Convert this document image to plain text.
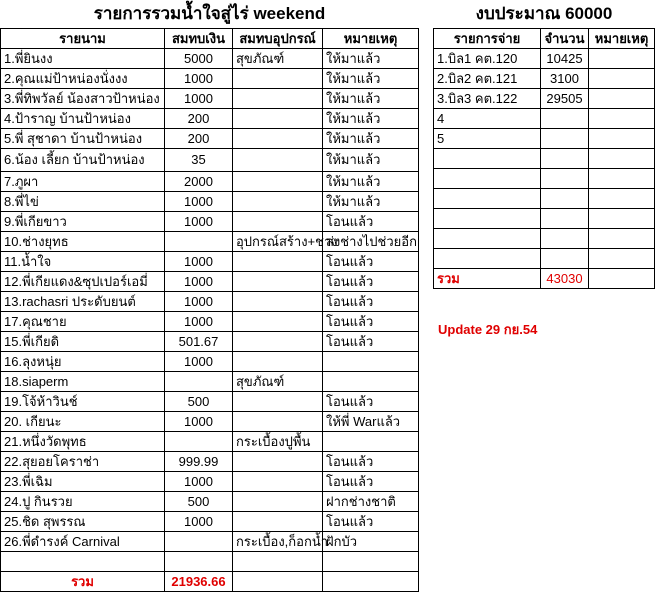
รายการรวมน้ำใจสู่ไร่ weekend			
รายนาม	สมทบเงิน	สมทบอุปกรณ์	หมายเหตุ
1.พี่ยินงง	5000	สุขภัณฑ์	ให้มาแล้ว
2.คุณแม่ป้าหน่องนั่งงง	1000		ให้มาแล้ว
3.พี่ทิพวัลย์ น้องสาวป้าหน่อง	1000		ให้มาแล้ว
4.ป้าราญ บ้านป้าหน่อง	200		ให้มาแล้ว
5.พี่ สุชาดา บ้านป้าหน่อง	200		ให้มาแล้ว
6.น้อง เลี้ยก บ้านป้าหน่อง	35		ให้มาแล้ว
7.ภูผา	2000		ให้มาแล้ว
8.พี่ไข่	1000		ให้มาแล้ว
9.พี่เกียขาว	1000		โอนแล้ว
10.ช่างยุทธ		อุปกรณ์สร้าง+ช่าง	ส่งช่างไปช่วยอีก
11.น้ำใจ	1000		โอนแล้ว
12.พี่เกียแดง&ซุปเปอร์เอมี่	1000		โอนแล้ว
13.rachasri ประดับยนต์	1000		โอนแล้ว
17.คุณชาย	1000		โอนแล้ว
15.พี่เกียดิ	501.67		โอนแล้ว
16.ลุงหนุ่ย	1000		
18.siaperm		สุขภัณฑ์	
19.โจ้ห้าวินช์	500		โอนแล้ว
20. เกียนะ	1000		ให้พี่ Warแล้ว
21.หนึ่งวัดพุทธ		กระเบื้องปูพื้น	
22.สุยอยโคราช่า	999.99		โอนแล้ว
23.พี่เฉิม	1000		โอนแล้ว
24.ปู กินรวย	500		ฝากช่างชาติ
25.ชิด สุพรรณ	1000		โอนแล้ว
26.พี่ดำรงค์ Carnival		กระเบื้อง,ก็อกน้ำ	ฝักบัว

รวม	21936.66		
งบประมาณ 60000		
รายการจ่าย	จำนวน	หมายเหตุ
1.บิล1 คต.120	10425	
2.บิล2 คต.121	3100	
3.บิล3 คต.122	29505	
4		
5		

รวม	43030	
Update 29 กย.54
